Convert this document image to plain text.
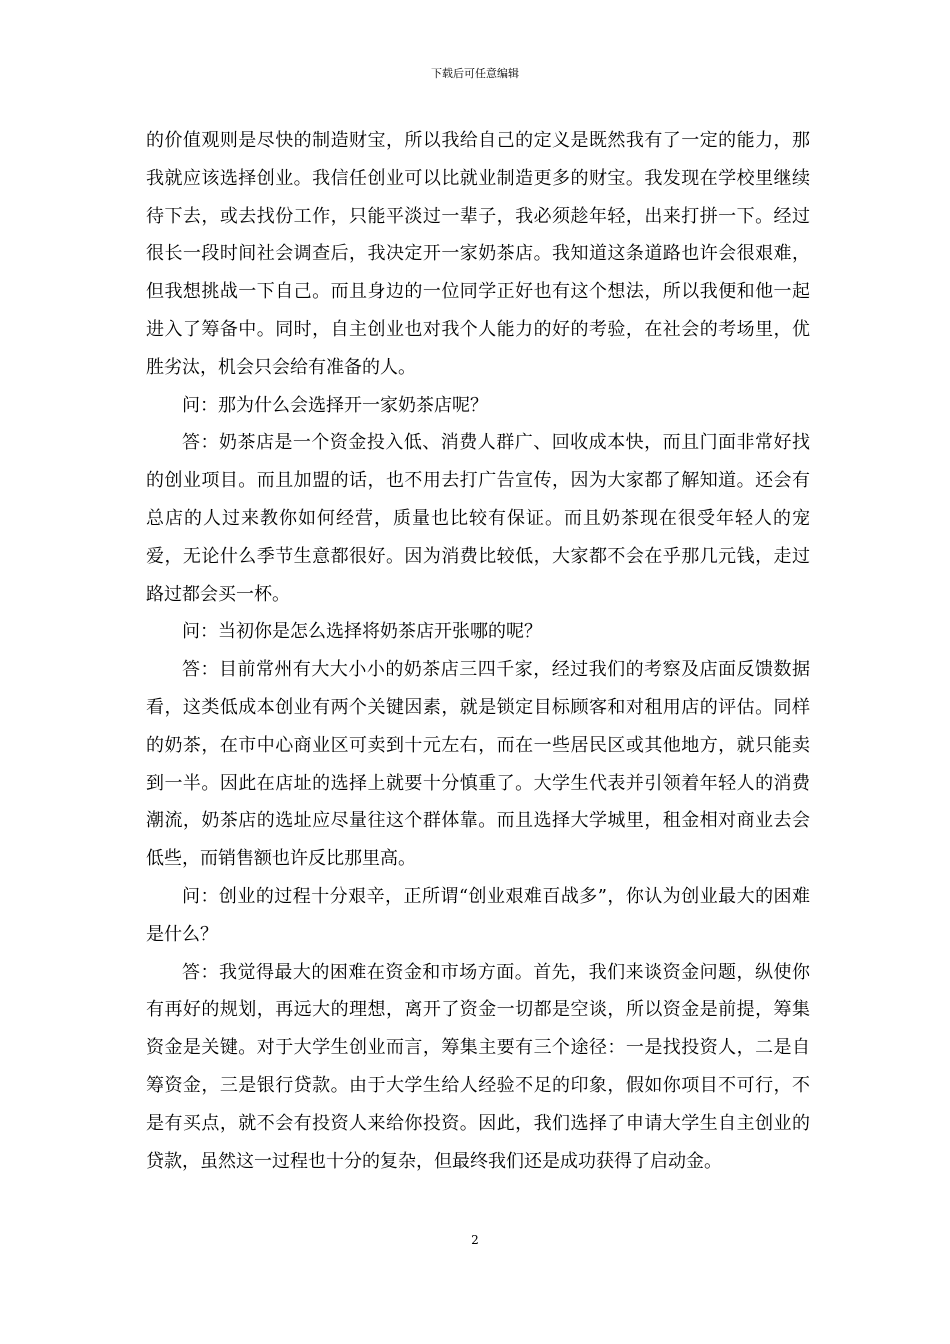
下载后可任意编辑

的价值观则是尽快的制造财宝，所以我给自己的定义是既然我有了一定的能力，那我就应该选择创业。我信任创业可以比就业制造更多的财宝。我发现在学校里继续待下去，或去找份工作，只能平淡过一辈子，我必须趁年轻，出来打拼一下。经过很长一段时间社会调查后，我决定开一家奶茶店。我知道这条道路也许会很艰难，但我想挑战一下自己。而且身边的一位同学正好也有这个想法，所以我便和他一起进入了筹备中。同时，自主创业也对我个人能力的好的考验，在社会的考场里，优胜劣汰，机会只会给有准备的人。

问：那为什么会选择开一家奶茶店呢？

答：奶茶店是一个资金投入低、消费人群广、回收成本快，而且门面非常好找的创业项目。而且加盟的话，也不用去打广告宣传，因为大家都了解知道。还会有总店的人过来教你如何经营，质量也比较有保证。而且奶茶现在很受年轻人的宠爱，无论什么季节生意都很好。因为消费比较低，大家都不会在乎那几元钱，走过路过都会买一杯。

问：当初你是怎么选择将奶茶店开张哪的呢？

答：目前常州有大大小小的奶茶店三四千家，经过我们的考察及店面反馈数据看，这类低成本创业有两个关键因素，就是锁定目标顾客和对租用店的评估。同样的奶茶，在市中心商业区可卖到十元左右，而在一些居民区或其他地方，就只能卖到一半。因此在店址的选择上就要十分慎重了。大学生代表并引领着年轻人的消费潮流，奶茶店的选址应尽量往这个群体靠。而且选择大学城里，租金相对商业去会低些，而销售额也许反比那里高。

问：创业的过程十分艰辛，正所谓“创业艰难百战多”，你认为创业最大的困难是什么？

答：我觉得最大的困难在资金和市场方面。首先，我们来谈资金问题，纵使你有再好的规划，再远大的理想，离开了资金一切都是空谈，所以资金是前提，筹集资金是关键。对于大学生创业而言，筹集主要有三个途径：一是找投资人，二是自筹资金，三是银行贷款。由于大学生给人经验不足的印象，假如你项目不可行，不是有买点，就不会有投资人来给你投资。因此，我们选择了申请大学生自主创业的贷款，虽然这一过程也十分的复杂，但最终我们还是成功获得了启动金。

2
